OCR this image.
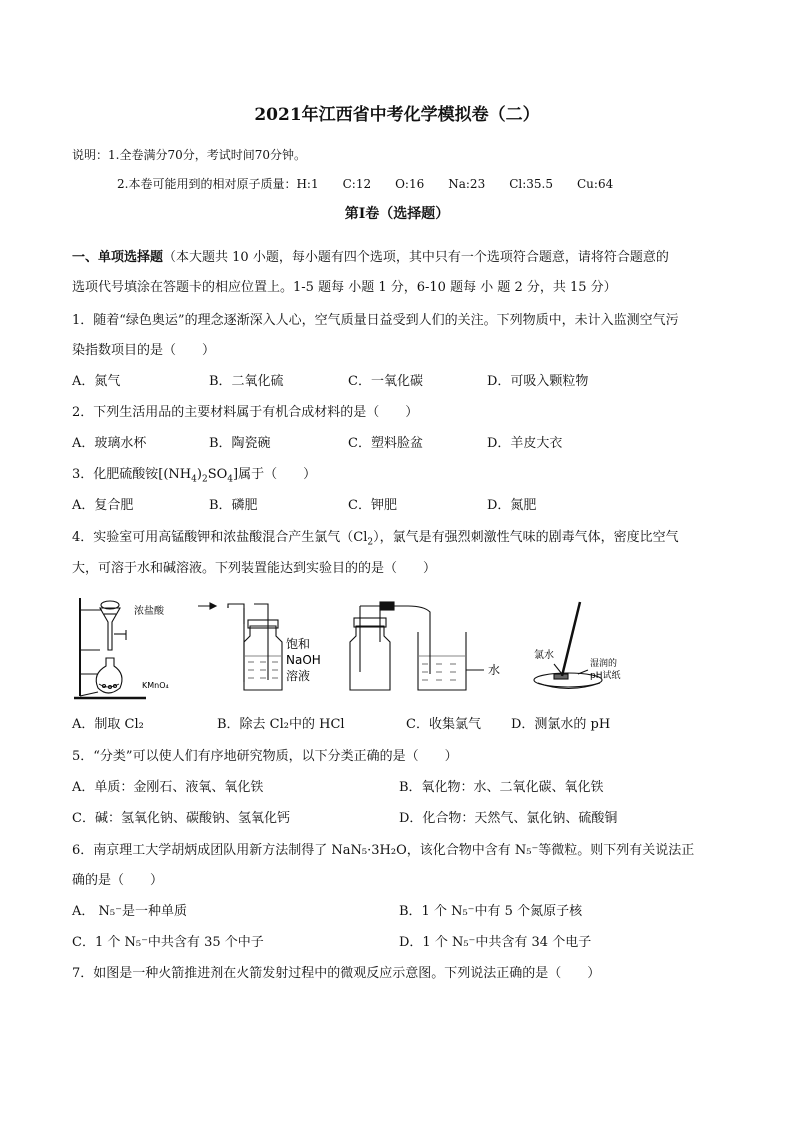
2021年江西省中考化学模拟卷（二）
说明：1.全卷满分70分，考试时间70分钟。
2.本卷可能用到的相对原子质量：H:1　　C:12　　O:16　　Na:23　　Cl:35.5　　Cu:64
第Ⅰ卷（选择题）
一、单项选择题（本大题共 10 小题，每小题有四个选项，其中只有一个选项符合题意，请将符合题意的
选项代号填涂在答题卡的相应位置上。1-5 题每 小题 1 分，6-10 题每 小 题 2 分，共 15 分）
1．随着“绿色奥运”的理念逐渐深入人心，空气质量日益受到人们的关注。下列物质中，未计入监测空气污
染指数项目的是（　　）
A．氮气	B．二氧化硫	C．一氧化碳	D．可吸入颗粒物
2．下列生活用品的主要材料属于有机合成材料的是（　　）
A．玻璃水杯	B．陶瓷碗	C．塑料脸盆	D．羊皮大衣
3．化肥硫酸铵$[(NH_4)_2SO_4]$属于（　　）
A．复合肥	B．磷肥	C．钾肥	D．氮肥
4．实验室可用高锰酸钾和浓盐酸混合产生氯气$(Cl_2)$，氯气是有强烈刺激性气味的剧毒气体，密度比空气
大，可溶于水和碱溶液。下列装置能达到实验目的的是（　　）
浓盐酸
KMnO₄
饱和
NaOH
溶液	水
氯水
湿润的
pH试纸
A．制取 Cl₂	B．除去 Cl₂中的 HCl	C．收集氯气 D．测氯水的 pH
5．“分类”可以使人们有序地研究物质，以下分类正确的是（　　）
A．单质：金刚石、液氧、氧化铁	B．氧化物：水、二氧化碳、氧化铁
C．碱：氢氧化钠、碳酸钠、氢氧化钙	D．化合物：天然气、氯化钠、硫酸铜
6．南京理工大学胡炳成团队用新方法制得了 NaN₅·3H₂O，该化合物中含有 N₅⁻等微粒。则下列有关说法正
确的是（　　）
A． N₅⁻是一种单质	B．1 个 N₅⁻中有 5 个氮原子核
C．1 个 N₅⁻中共含有 35 个中子	D．1 个 N₅⁻中共含有 34 个电子
7．如图是一种火箭推进剂在火箭发射过程中的微观反应示意图。下列说法正确的是（　　）
